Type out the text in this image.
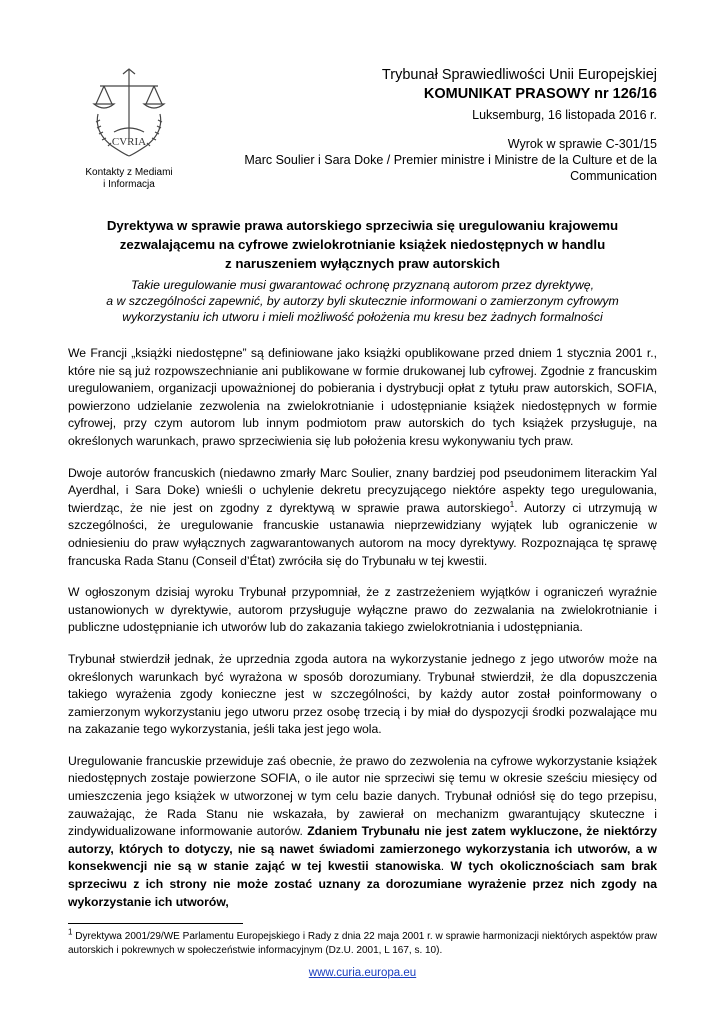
CVRIA
Kontakty z Mediami
i Informacja
Trybunał Sprawiedliwości Unii Europejskiej
KOMUNIKAT PRASOWY nr 126/16
Luksemburg, 16 listopada 2016 r.
Wyrok w sprawie C-301/15
Marc Soulier i Sara Doke / Premier ministre i Ministre de la Culture et de la Communication
Dyrektywa w sprawie prawa autorskiego sprzeciwia się uregulowaniu krajowemu
zezwalającemu na cyfrowe zwielokrotnianie książek niedostępnych w handlu
z naruszeniem wyłącznych praw autorskich
Takie uregulowanie musi gwarantować ochronę przyznaną autorom przez dyrektywę,
a w szczególności zapewnić, by autorzy byli skutecznie informowani o zamierzonym cyfrowym
wykorzystaniu ich utworu i mieli możliwość położenia mu kresu bez żadnych formalności

We Francji „książki niedostępne” są definiowane jako książki opublikowane przed dniem 1 stycznia 2001 r., które nie są już rozpowszechnianie ani publikowane w formie drukowanej lub cyfrowej. Zgodnie z francuskim uregulowaniem, organizacji upoważnionej do pobierania i dystrybucji opłat z tytułu praw autorskich, SOFIA, powierzono udzielanie zezwolenia na zwielokrotnianie i udostępnianie książek niedostępnych w formie cyfrowej, przy czym autorom lub innym podmiotom praw autorskich do tych książek przysługuje, na określonych warunkach, prawo sprzeciwienia się lub położenia kresu wykonywaniu tych praw.

Dwoje autorów francuskich (niedawno zmarły Marc Soulier, znany bardziej pod pseudonimem literackim Yal Ayerdhal, i Sara Doke) wnieśli o uchylenie dekretu precyzującego niektóre aspekty tego uregulowania, twierdząc, że nie jest on zgodny z dyrektywą w sprawie prawa autorskiego$^1$. Autorzy ci utrzymują w szczególności, że uregulowanie francuskie ustanawia nieprzewidziany wyjątek lub ograniczenie w odniesieniu do praw wyłącznych zagwarantowanych autorom na mocy dyrektywy. Rozpoznająca tę sprawę francuska Rada Stanu (Conseil d’État) zwróciła się do Trybunału w tej kwestii.

W ogłoszonym dzisiaj wyroku Trybunał przypomniał, że z zastrzeżeniem wyjątków i ograniczeń wyraźnie ustanowionych w dyrektywie, autorom przysługuje wyłączne prawo do zezwalania na zwielokrotnianie i publiczne udostępnianie ich utworów lub do zakazania takiego zwielokrotniania i udostępniania.

Trybunał stwierdził jednak, że uprzednia zgoda autora na wykorzystanie jednego z jego utworów może na określonych warunkach być wyrażona w sposób dorozumiany. Trybunał stwierdził, że dla dopuszczenia takiego wyrażenia zgody konieczne jest w szczególności, by każdy autor został poinformowany o zamierzonym wykorzystaniu jego utworu przez osobę trzecią i by miał do dyspozycji środki pozwalające mu na zakazanie tego wykorzystania, jeśli taka jest jego wola.

Uregulowanie francuskie przewiduje zaś obecnie, że prawo do zezwolenia na cyfrowe wykorzystanie książek niedostępnych zostaje powierzone SOFIA, o ile autor nie sprzeciwi się temu w okresie sześciu miesięcy od umieszczenia jego książek w utworzonej w tym celu bazie danych. Trybunał odniósł się do tego przepisu, zauważając, że Rada Stanu nie wskazała, by zawierał on mechanizm gwarantujący skuteczne i zindywidualizowane informowanie autorów. Zdaniem Trybunału nie jest zatem wykluczone, że niektórzy autorzy, których to dotyczy, nie są nawet świadomi zamierzonego wykorzystania ich utworów, a w konsekwencji nie są w stanie zająć w tej kwestii stanowiska. W tych okolicznościach sam brak sprzeciwu z ich strony nie może zostać uznany za dorozumiane wyrażenie przez nich zgody na wykorzystanie ich utworów,

$^1$ Dyrektywa 2001/29/WE Parlamentu Europejskiego i Rady z dnia 22 maja 2001 r. w sprawie harmonizacji niektórych aspektów praw autorskich i pokrewnych w społeczeństwie informacyjnym (Dz.U. 2001, L 167, s. 10).
www.curia.europa.eu
